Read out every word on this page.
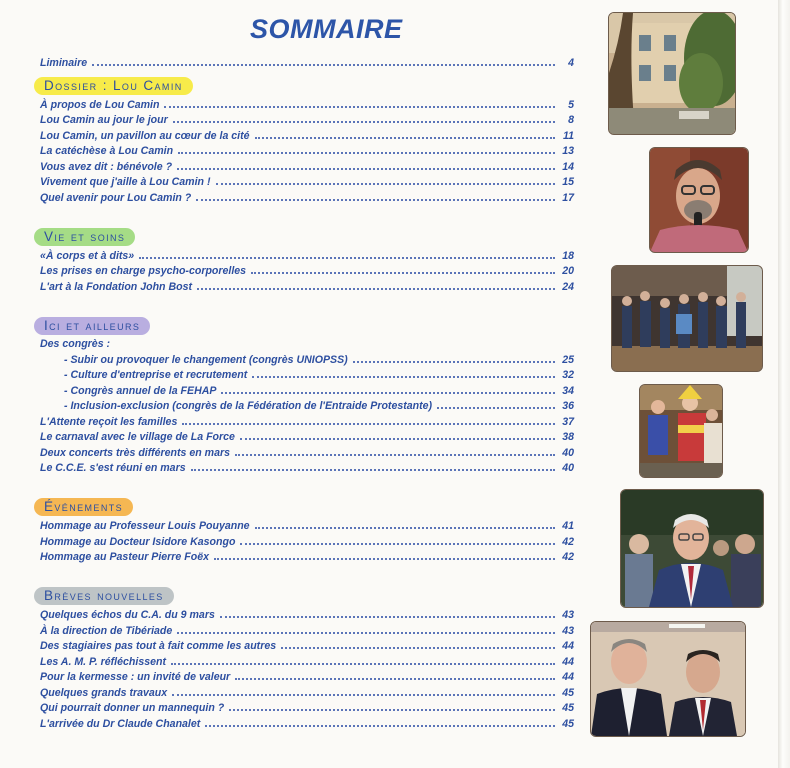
SOMMAIRE
Liminaire	4
Dossier : Lou Camin
À propos de Lou Camin	5
Lou Camin au jour le jour	8
Lou Camin, un pavillon au cœur de la cité	11
La catéchèse à Lou Camin	13
Vous avez dit : bénévole ?	14
Vivement que j'aille à Lou Camin !	15
Quel avenir pour Lou Camin ?	17
Vie et soins
«À corps et à dits»	18
Les prises en charge psycho-corporelles	20
L'art à la Fondation John Bost	24
Ici et ailleurs
Des congrès :
- Subir ou provoquer le changement (congrès UNIOPSS)	25
- Culture d'entreprise et recrutement	32
- Congrès annuel de la FEHAP	34
- Inclusion-exclusion (congrès de la Fédération de l'Entraide Protestante)	36
L'Attente reçoit les familles	37
Le carnaval avec le village de La Force	38
Deux concerts très différents en mars	40
Le C.C.E. s'est réuni en mars	40
Événements
Hommage au Professeur Louis Pouyanne	41
Hommage au Docteur Isidore Kasongo	42
Hommage au Pasteur Pierre Foëx	42
Brèves nouvelles
Quelques échos du C.A. du 9 mars	43
À la direction de Tibériade	43
Des stagiaires pas tout à fait comme les autres	44
Les A. M. P. réfléchissent	44
Pour la kermesse : un invité de valeur	44
Quelques grands travaux	45
Qui pourrait donner un mannequin ?	45
L'arrivée du Dr Claude Chanalet	45
